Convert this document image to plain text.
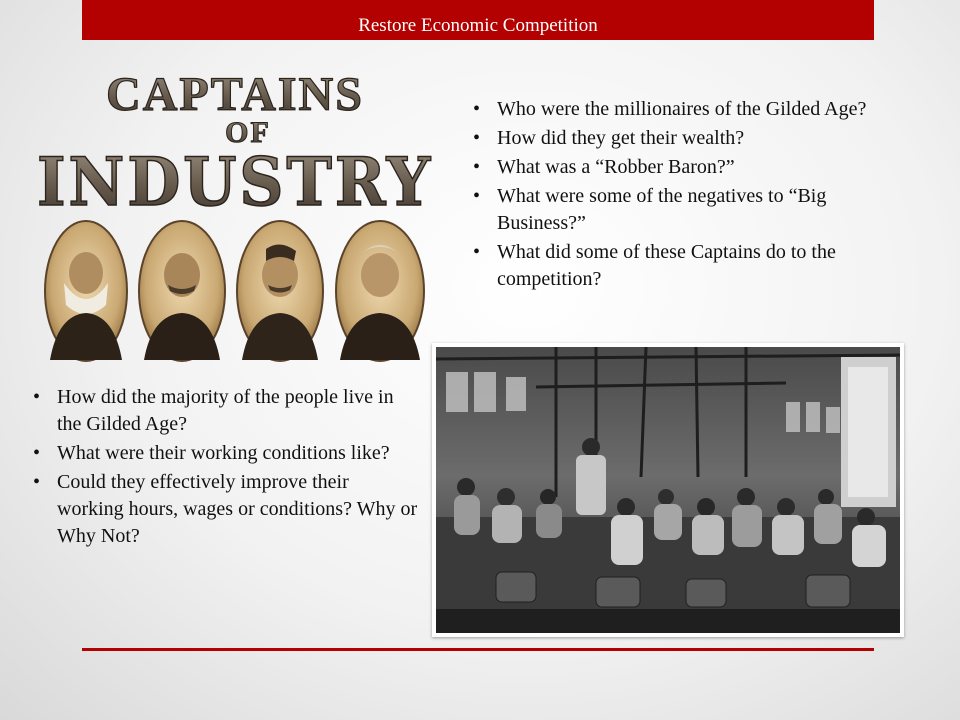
Restore Economic Competition
CAPTAINS
OF
INDUSTRY
• Who were the millionaires of the Gilded Age?
• How did they get their wealth?
• What was a “Robber Baron?”
• What were some of the negatives to “Big Business?”
• What did some of these Captains do to the competition?
• How did the majority of the people live in the Gilded Age?
• What were their working conditions like?
• Could they effectively improve their working hours, wages or conditions? Why or Why Not?
